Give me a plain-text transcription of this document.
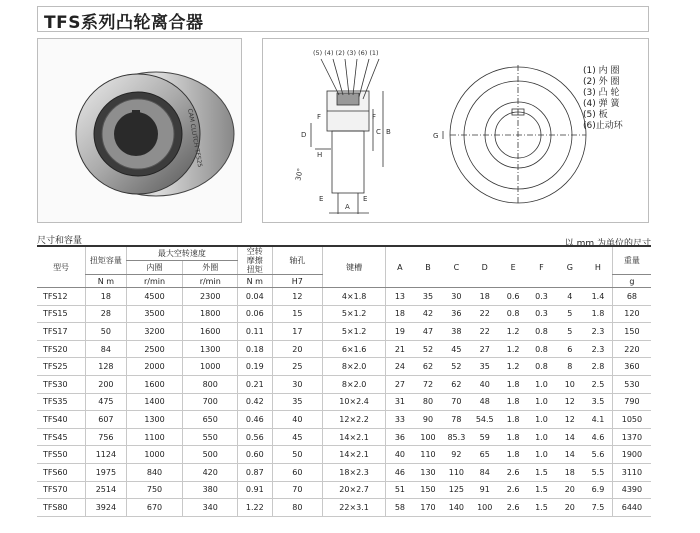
TFS系列凸轮离合器
CAM CLUTCH TFS25
(5) (4) (2) (3) (6) (1)
D	C B
F	F
H
30°
E	E
A
G
(1) 内 圈
(2) 外 圈
(3) 凸 轮
(4) 弹 簧
(5) 板
(6)止动环
尺寸和容量	以 mm 为单位的尺寸
型号	扭矩容量	最大空转速度		空转
摩擦
扭矩	轴孔	键槽	A	B	C	D	E	F	G	H	重量
		内圈	外圈												
	N m	r/min	r/min	N m	H7										g
TFS12	18	4500	2300	0.04	12	4×1.8	13	35	30	18	0.6	0.3	4	1.4	68
TFS15	28	3500	1800	0.06	15	5×1.2	18	42	36	22	0.8	0.3	5	1.8	120
TFS17	50	3200	1600	0.11	17	5×1.2	19	47	38	22	1.2	0.8	5	2.3	150
TFS20	84	2500	1300	0.18	20	6×1.6	21	52	45	27	1.2	0.8	6	2.3	220
TFS25	128	2000	1000	0.19	25	8×2.0	24	62	52	35	1.2	0.8	8	2.8	360
TFS30	200	1600	800	0.21	30	8×2.0	27	72	62	40	1.8	1.0	10	2.5	530
TFS35	475	1400	700	0.42	35	10×2.4	31	80	70	48	1.8	1.0	12	3.5	790
TFS40	607	1300	650	0.46	40	12×2.2	33	90	78	54.5	1.8	1.0	12	4.1	1050
TFS45	756	1100	550	0.56	45	14×2.1	36	100	85.3	59	1.8	1.0	14	4.6	1370
TFS50	1124	1000	500	0.60	50	14×2.1	40	110	92	65	1.8	1.0	14	5.6	1900
TFS60	1975	840	420	0.87	60	18×2.3	46	130	110	84	2.6	1.5	18	5.5	3110
TFS70	2514	750	380	0.91	70	20×2.7	51	150	125	91	2.6	1.5	20	6.9	4390
TFS80	3924	670	340	1.22	80	22×3.1	58	170	140	100	2.6	1.5	20	7.5	6440
